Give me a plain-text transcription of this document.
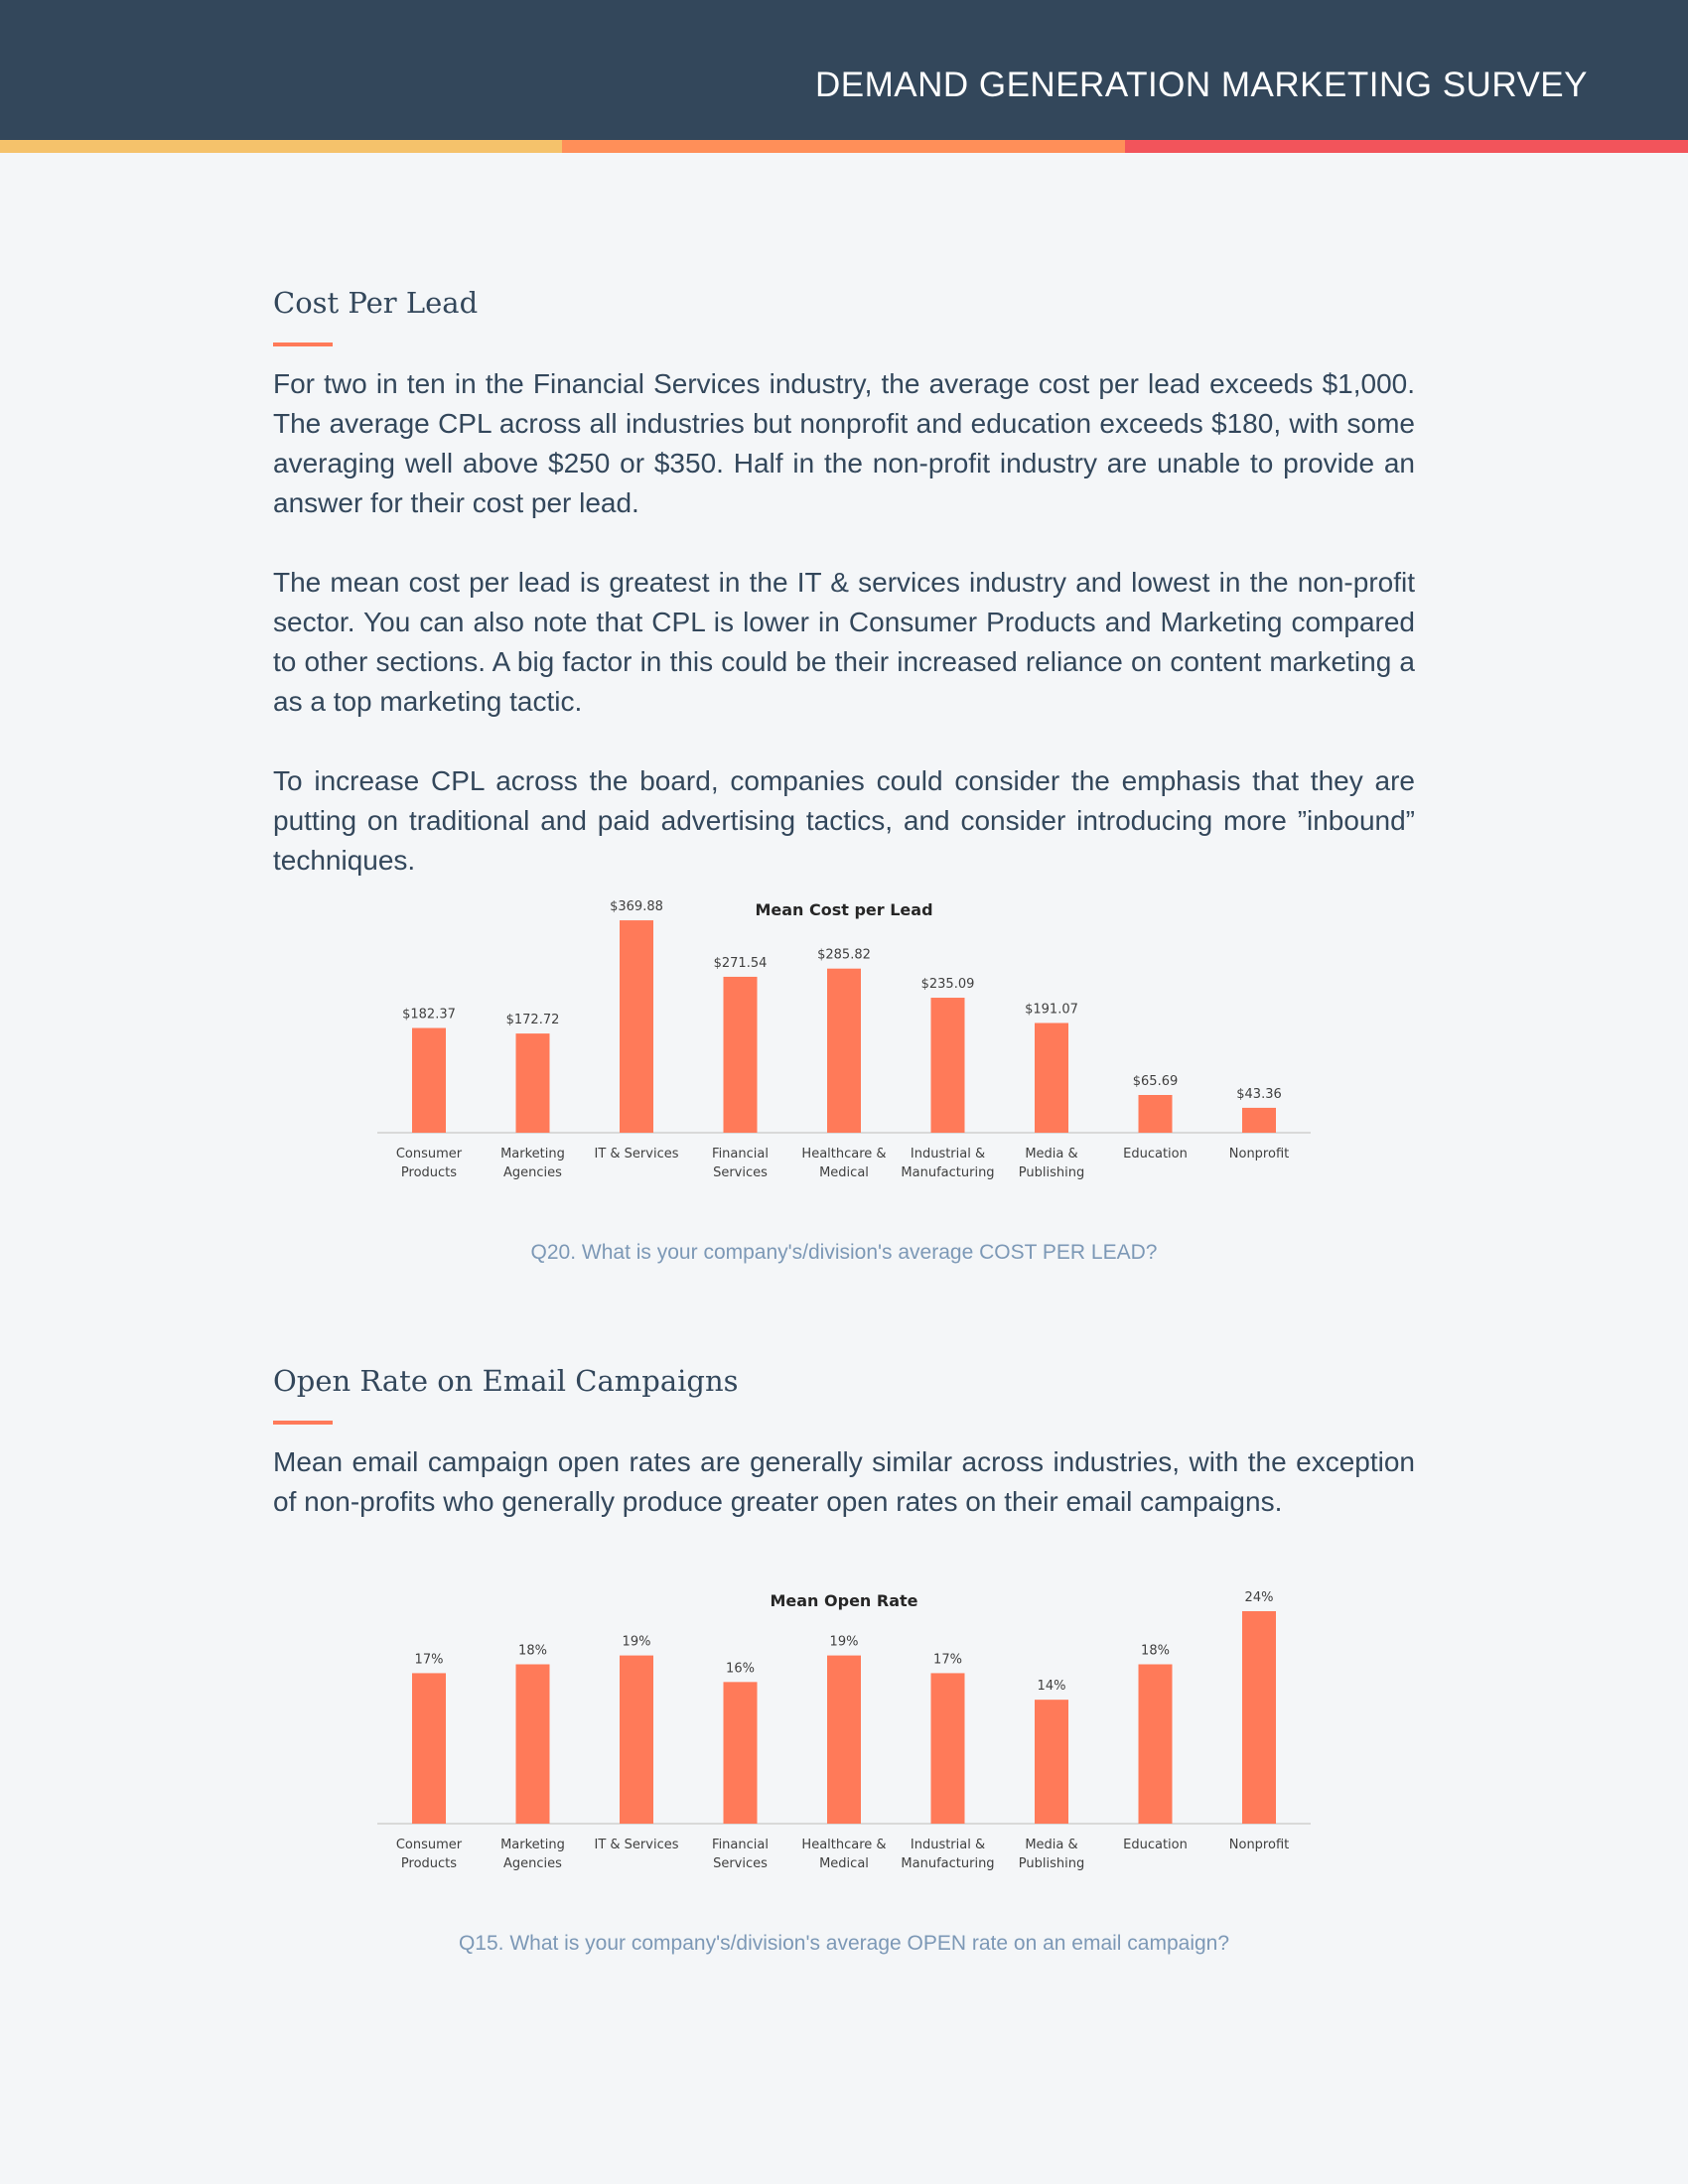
DEMAND GENERATION MARKETING SURVEY
Cost Per Lead

For two in ten in the Financial Services industry, the average cost per lead exceeds $1,000. The average CPL across all industries but nonprofit and education exceeds $180, with some averaging well above $250 or $350. Half in the non-profit industry are unable to provide an answer for their cost per lead.

The mean cost per lead is greatest in the IT & services industry and lowest in the non-profit sector. You can also note that CPL is lower in Consumer Products and Marketing compared to other sections. A big factor in this could be their increased reliance on content marketing a as a top marketing tactic.

To increase CPL across the board, companies could consider the emphasis that they are putting on traditional and paid advertising tactics, and consider introducing more ”inbound” techniques.

Mean Cost per Lead
$182.37
Consumer
Products
$172.72
Marketing
Agencies
$369.88
IT & Services
$271.54
Financial
Services
$285.82
Healthcare &
Medical
$235.09
Industrial &
Manufacturing
$191.07
Media &
Publishing
$65.69
Education
$43.36
Nonprofit

Q20. What is your company's/division's average COST PER LEAD?

Open Rate on Email Campaigns

Mean email campaign open rates are generally similar across industries, with the exception of non-profits who generally produce greater open rates on their email campaigns.

Mean Open Rate
17%
Consumer
Products
18%
Marketing
Agencies
19%
IT & Services
16%
Financial
Services
19%
Healthcare &
Medical
17%
Industrial &
Manufacturing
14%
Media &
Publishing
18%
Education
24%
Nonprofit

Q15. What is your company's/division's average OPEN rate on an email campaign?
